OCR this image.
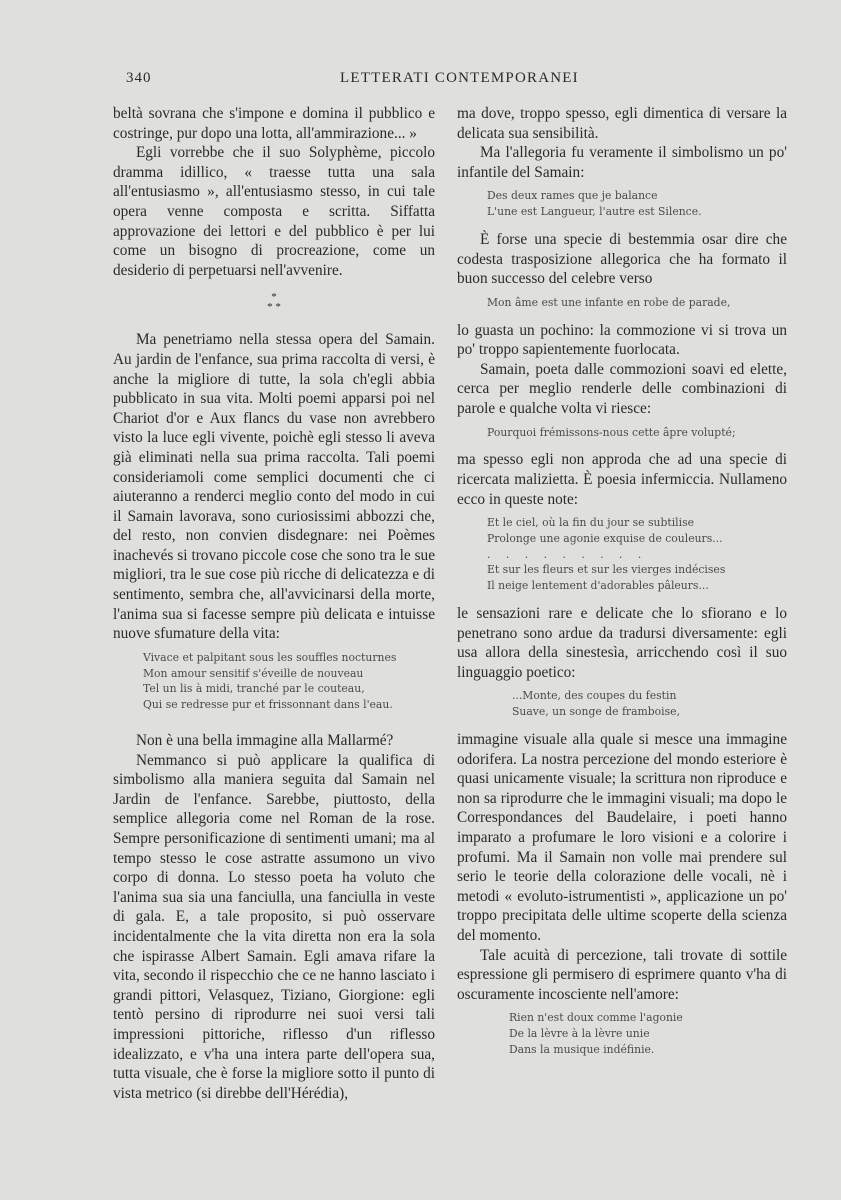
340	LETTERATI CONTEMPORANEI

beltà sovrana che s'impone e domina il pubblico e costringe, pur dopo una lotta, all'ammirazione... »

Egli vorrebbe che il suo Solyphème, piccolo dramma idillico, « traesse tutta una sala all'entusiasmo », all'entusiasmo stesso, in cui tale opera venne composta e scritta. Siffatta approvazione dei lettori e del pubblico è per lui come un bisogno di procreazione, come un desiderio di perpetuarsi nell'avvenire.

*
* *

Ma penetriamo nella stessa opera del Samain. Au jardin de l'enfance, sua prima raccolta di versi, è anche la migliore di tutte, la sola ch'egli abbia pubblicato in sua vita. Molti poemi apparsi poi nel Chariot d'or e Aux flancs du vase non avrebbero visto la luce egli vivente, poichè egli stesso li aveva già eliminati nella sua prima raccolta. Tali poemi consideriamoli come semplici documenti che ci aiuteranno a renderci meglio conto del modo in cui il Samain lavorava, sono curiosissimi abbozzi che, del resto, non convien disdegnare: nei Poèmes inachevés si trovano piccole cose che sono tra le sue migliori, tra le sue cose più ricche di delicatezza e di sentimento, sembra che, all'avvicinarsi della morte, l'anima sua si facesse sempre più delicata e intuisse nuove sfumature della vita:

Vivace et palpitant sous les souffles nocturnes
Mon amour sensitif s'éveille de nouveau
Tel un lis à midi, tranché par le couteau,
Qui se redresse pur et frissonnant dans l'eau.

Non è una bella immagine alla Mallarmé?

Nemmanco si può applicare la qualifica di simbolismo alla maniera seguita dal Samain nel Jardin de l'enfance. Sarebbe, piuttosto, della semplice allegoria come nel Roman de la rose. Sempre personificazione di sentimenti umani; ma al tempo stesso le cose astratte assumono un vivo corpo di donna. Lo stesso poeta ha voluto che l'anima sua sia una fanciulla, una fanciulla in veste di gala. E, a tale proposito, si può osservare incidentalmente che la vita diretta non era la sola che ispirasse Albert Samain. Egli amava rifare la vita, secondo il rispecchio che ce ne hanno lasciato i grandi pittori, Velasquez, Tiziano, Giorgione: egli tentò persino di riprodurre nei suoi versi tali impressioni pittoriche, riflesso d'un riflesso idealizzato, e v'ha una intera parte dell'opera sua, tutta visuale, che è forse la migliore sotto il punto di vista metrico (si direbbe dell'Hérédia),

ma dove, troppo spesso, egli dimentica di versare la delicata sua sensibilità.

Ma l'allegoria fu veramente il simbolismo un po' infantile del Samain:

Des deux rames que je balance
L'une est Langueur, l'autre est Silence.

È forse una specie di bestemmia osar dire che codesta trasposizione allegorica che ha formato il buon successo del celebre verso

Mon âme est une infante en robe de parade,

lo guasta un pochino: la commozione vi si trova un po' troppo sapientemente fuorlocata.

Samain, poeta dalle commozioni soavi ed elette, cerca per meglio renderle delle combinazioni di parole e qualche volta vi riesce:

Pourquoi frémissons-nous cette âpre volupté;

ma spesso egli non approda che ad una specie di ricercata malizietta. È poesia infermiccia. Nullameno ecco in queste note:

Et le ciel, où la fin du jour se subtilise
Prolonge une agonie exquise de couleurs...
. . . . . . . . .
Et sur les fleurs et sur les vierges indécises
Il neige lentement d'adorables pâleurs...

le sensazioni rare e delicate che lo sfiorano e lo penetrano sono ardue da tradursi diversamente: egli usa allora della sinestesìa, arricchendo così il suo linguaggio poetico:

...Monte, des coupes du festin
Suave, un songe de framboise,

immagine visuale alla quale si mesce una immagine odorifera. La nostra percezione del mondo esteriore è quasi unicamente visuale; la scrittura non riproduce e non sa riprodurre che le immagini visuali; ma dopo le Correspondances del Baudelaire, i poeti hanno imparato a profumare le loro visioni e a colorire i profumi. Ma il Samain non volle mai prendere sul serio le teorie della colorazione delle vocali, nè i metodi « evoluto-istrumentisti », applicazione un po' troppo precipitata delle ultime scoperte della scienza del momento.

Tale acuità di percezione, tali trovate di sottile espressione gli permisero di esprimere quanto v'ha di oscuramente incosciente nell'amore:

Rien n'est doux comme l'agonie
De la lèvre à la lèvre unie
Dans la musique indéfinie.
